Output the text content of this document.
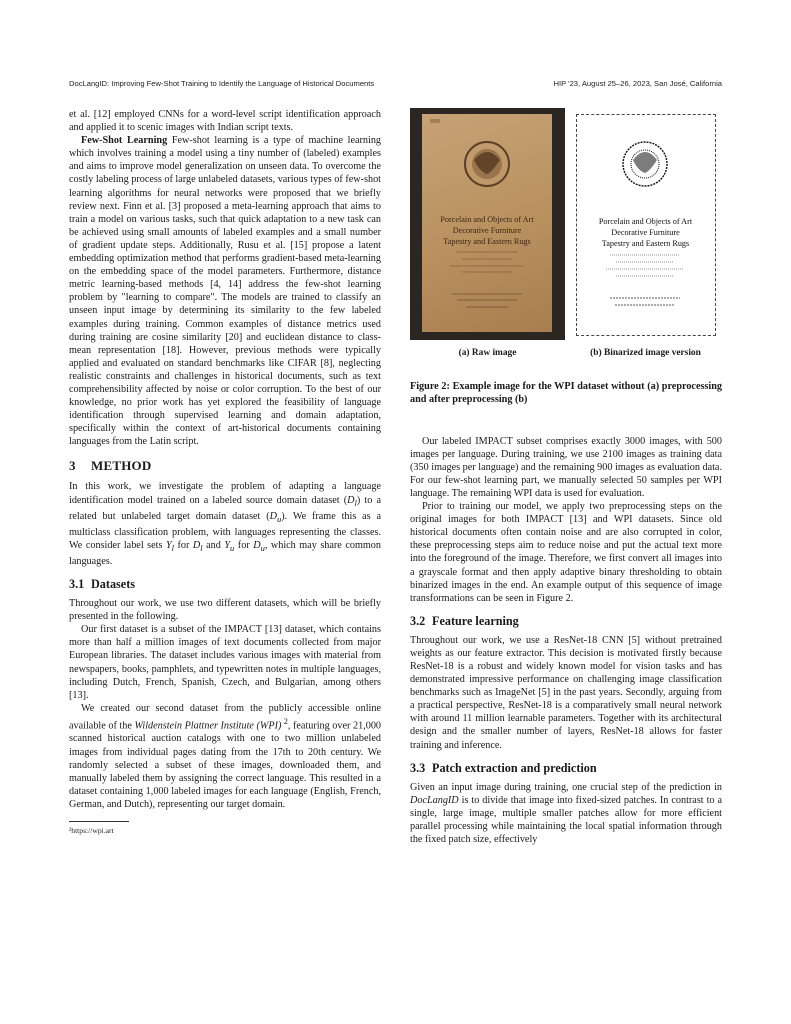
DocLangID: Improving Few-Shot Training to Identify the Language of Historical Documents	HIP '23, August 25–26, 2023, San José, California

et al. [12] employed CNNs for a word-level script identification approach and applied it to scenic images with Indian script texts.

Few-Shot Learning Few-shot learning is a type of machine learning which involves training a model using a tiny number of (labeled) examples and aims to improve model generalization on unseen data. To overcome the costly labeling process of large unlabeled datasets, various types of few-shot learning algorithms for neural networks were proposed that we briefly review next. Finn et al. [3] proposed a meta-learning approach that aims to train a model on various tasks, such that quick adaptation to a new task can be achieved using small amounts of labeled examples and a small number of gradient update steps. Additionally, Rusu et al. [15] propose a latent embedding optimization method that performs gradient-based meta-learning on the embedding space of the model parameters. Furthermore, distance metric learning-based methods [4, 14] address the few-shot learning problem by "learning to compare". The models are trained to classify an unseen input image by determining its similarity to the few labeled examples during training. Common examples of distance metrics used during training are cosine similarity [20] and euclidean distance to class-mean representation [18]. However, previous methods were typically applied and evaluated on standard benchmarks like CIFAR [8], neglecting realistic constraints and challenges in historical documents, such as text comprehensibility affected by noise or color corruption. To the best of our knowledge, no prior work has yet explored the feasibility of language identification through supervised learning and domain adaptation, specifically within the context of art-historical documents containing languages from the Latin script.

3 METHOD

In this work, we investigate the problem of adapting a language identification model trained on a labeled source domain dataset $(D_l)$ to a related but unlabeled target domain dataset $(D_u)$. We frame this as a multiclass classification problem, with languages representing the classes. We consider label sets $Y_l$ for $D_l$ and $Y_u$ for $D_u$, which may share common languages.

3.1 Datasets

Throughout our work, we use two different datasets, which will be briefly presented in the following.

Our first dataset is a subset of the IMPACT [13] dataset, which contains more than half a million images of text documents collected from major European libraries. The dataset includes various images with material from newspapers, books, pamphlets, and typewritten notes in multiple languages, including Dutch, French, Spanish, Czech, and Bulgarian, among others [13].

We created our second dataset from the publicly accessible online available of the Wildenstein Plattner Institute (WPI) $^2$, featuring over 21,000 scanned historical auction catalogs with one to two million unlabeled images from individual pages dating from the 17th to 20th century. We randomly selected a subset of these images, downloaded them, and manually labeled them by assigning the correct language. This resulted in a dataset containing 1,000 labeled images for each language (English, French, German, and Dutch), representing our target domain.

²https://wpi.art
Porcelain and Objects of Art
Decorative Furniture
Tapestry and Eastern Rugs
Porcelain and Objects of Art
Decorative Furniture
Tapestry and Eastern Rugs
(a) Raw image	(b) Binarized image version
Figure 2: Example image for the WPI dataset without (a) preprocessing and after preprocessing (b)

Our labeled IMPACT subset comprises exactly 3000 images, with 500 images per language. During training, we use 2100 images as training data (350 images per language) and the remaining 900 images as evaluation data. For our few-shot learning part, we manually selected 50 samples per WPI language. The remaining WPI data is used for evaluation.

Prior to training our model, we apply two preprocessing steps on the original images for both IMPACT [13] and WPI datasets. Since old historical documents often contain noise and are also corrupted in color, these preprocessing steps aim to reduce noise and put the actual text more into the foreground of the image. Therefore, we first convert all images into a grayscale format and then apply adaptive binary thresholding to obtain binarized images in the end. An example output of this sequence of image transformations can be seen in Figure 2.

3.2 Feature learning

Throughout our work, we use a ResNet-18 CNN [5] without pretrained weights as our feature extractor. This decision is motivated firstly because ResNet-18 is a robust and widely known model for vision tasks and has demonstrated impressive performance on challenging image classification benchmarks such as ImageNet [5] in the past years. Secondly, arguing from a practical perspective, ResNet-18 is a comparatively small neural network with around 11 million learnable parameters. Together with its architectural design and the smaller number of layers, ResNet-18 allows for faster training and inference.

3.3 Patch extraction and prediction

Given an input image during training, one crucial step of the prediction in DocLangID is to divide that image into fixed-sized patches. In contrast to a single, large image, multiple smaller patches allow for more efficient parallel processing while maintaining the local spatial information through the fixed patch size, effectively
